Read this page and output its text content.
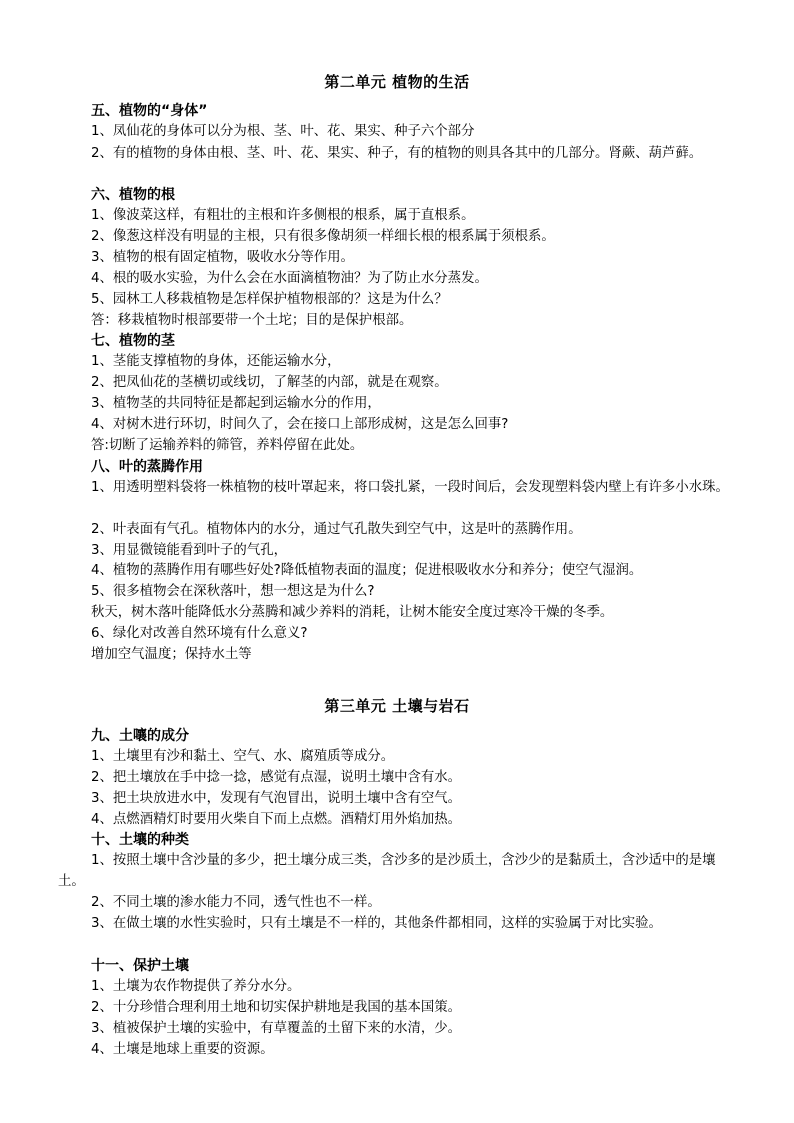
第二单元 植物的生活
五、植物的“身体”
1、凤仙花的身体可以分为根、茎、叶、花、果实、种子六个部分
2、有的植物的身体由根、茎、叶、花、果实、种子，有的植物的则具各其中的几部分。肾蕨、葫芦藓。
六、植物的根
1、像波菜这样，有粗壮的主根和许多侧根的根系，属于直根系。
2、像葱这样没有明显的主根，只有很多像胡须一样细长根的根系属于须根系。
3、植物的根有固定植物，吸收水分等作用。
4、根的吸水实验，为什么会在水面滴植物油？为了防止水分蒸发。
5、园林工人移栽植物是怎样保护植物根部的？这是为什么？
答：移栽植物时根部要带一个土坨；目的是保护根部。
七、植物的茎
1、茎能支撑植物的身体，还能运输水分，
2、把凤仙花的茎横切或线切，了解茎的内部，就是在观察。
3、植物茎的共同特征是都起到运输水分的作用，
4、对树木进行环切，时间久了，会在接口上部形成树，这是怎么回事?
答:切断了运输养料的筛管，养料停留在此处。
八、叶的蒸腾作用
1、用透明塑料袋将一株植物的枝叶罩起来，将口袋扎紧，一段时间后，会发现塑料袋内壁上有许多小水珠。
2、叶表面有气孔。植物体内的水分，通过气孔散失到空气中，这是叶的蒸腾作用。
3、用显微镜能看到叶子的气孔，
4、植物的蒸腾作用有哪些好处?降低植物表面的温度；促进根吸收水分和养分；使空气湿润。
5、很多植物会在深秋落叶，想一想这是为什么?
秋天，树木落叶能降低水分蒸腾和减少养料的消耗，让树木能安全度过寒冷干燥的冬季。
6、绿化对改善自然环境有什么意义?
增加空气温度；保持水土等
第三单元 土壤与岩石
九、土嚷的成分
1、土壤里有沙和黏土、空气、水、腐殖质等成分。
2、把土壤放在手中捻一捻，感觉有点湿，说明土壤中含有水。
3、把土块放进水中，发现有气泡冒出，说明土壤中含有空气。
4、点燃酒精灯时要用火柴自下而上点燃。酒精灯用外焰加热。
十、土壤的种类
1、按照土壤中含沙量的多少，把土壤分成三类，含沙多的是沙质土，含沙少的是黏质土，含沙适中的是壤土。
2、不同土壤的渗水能力不同，透气性也不一样。
3、在做土壤的水性实验时，只有土壤是不一样的，其他条件都相同，这样的实验属于对比实验。
十一、保护土壤
1、土壤为农作物提供了养分水分。
2、十分珍惜合理利用土地和切实保护耕地是我国的基本国策。
3、植被保护土壤的实验中，有草覆盖的土留下来的水清，少。
4、土壤是地球上重要的资源。
